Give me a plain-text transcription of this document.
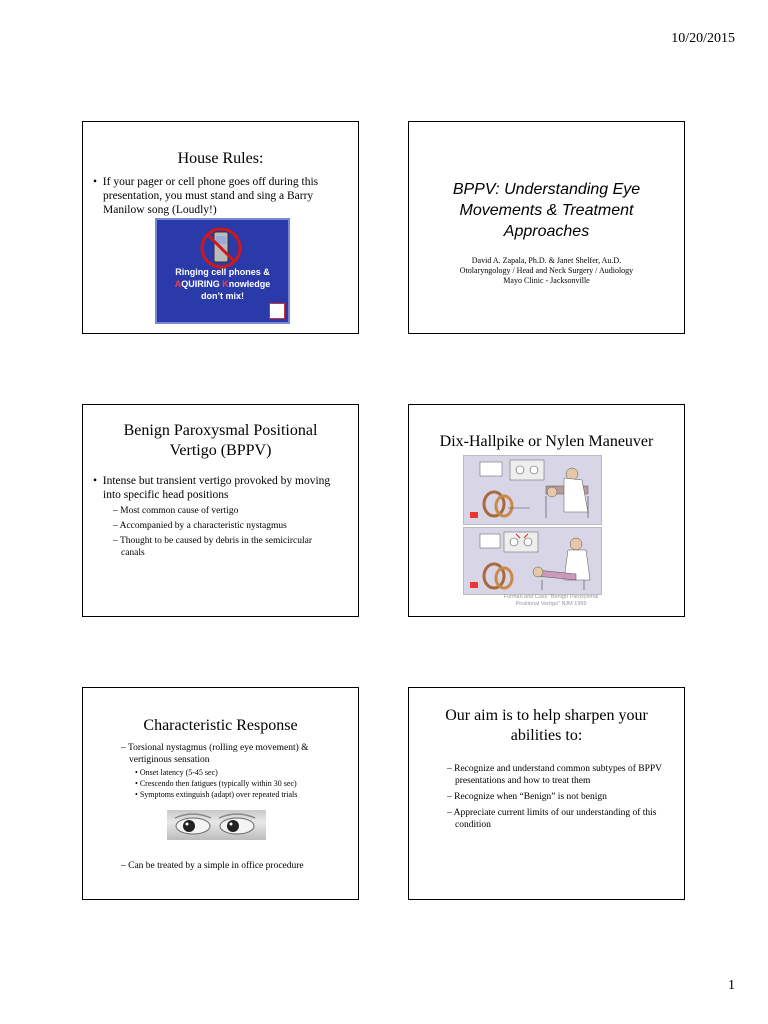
10/20/2015
House Rules:
•  If your pager or cell phone goes off during this presentation, you must stand and sing a Barry Manilow song (Loudly!)
Ringing cell phones &
AQUIRING Knowledge
don’t mix!
BPPV: Understanding Eye Movements & Treatment Approaches
David A. Zapala, Ph.D. & Janet Shelfer, Au.D.
Otolaryngology / Head and Neck Surgery / Audiology
Mayo Clinic - Jacksonville
Benign Paroxysmal Positional Vertigo (BPPV)
•  Intense but transient vertigo provoked by moving into specific head positions
– Most common cause of vertigo
– Accompanied by a characteristic nystagmus
– Thought to be caused by debris in the semicircular canals
Dix-Hallpike or Nylen Maneuver
Furman and Cass "Benign Paroxysmal Positional Vertigo" NJM 1999
Characteristic Response
– Torsional nystagmus (rolling eye movement) & vertiginous sensation
• Onset latency (5-45 sec)
• Crescendo then fatigues (typically within 30 sec)
• Symptoms extinguish (adapt) over repeated trials
– Can be treated by a simple in office procedure
Our aim is to help sharpen your abilities to:
– Recognize and understand common subtypes of BPPV presentations and how to treat them
– Recognize when “Benign” is not benign
– Appreciate current limits of our understanding of this condition
1
